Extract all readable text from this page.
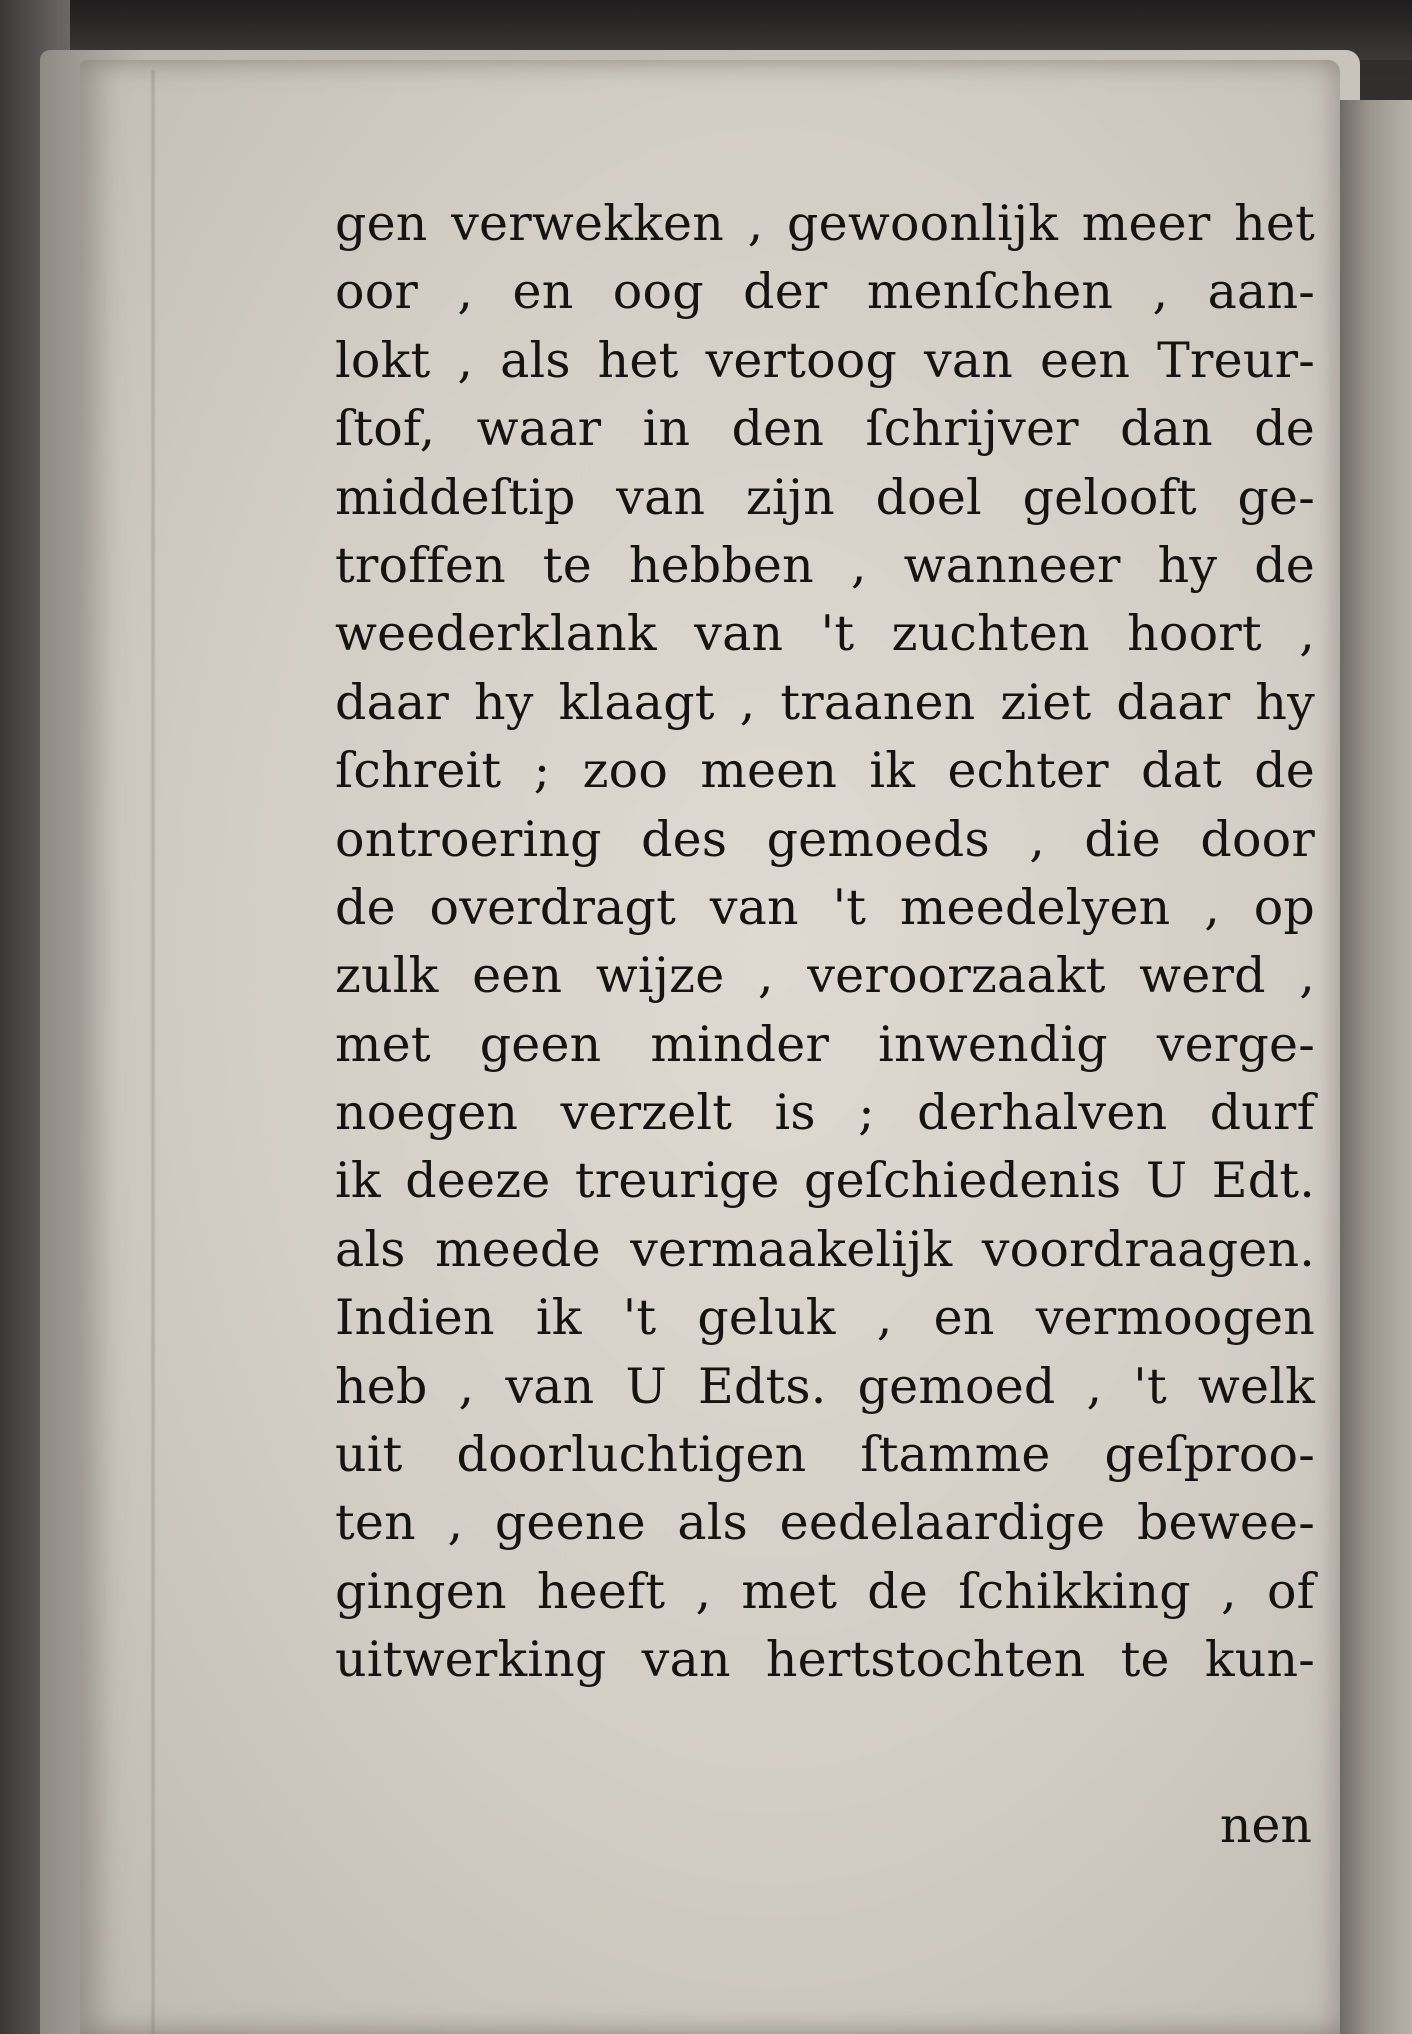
gen verwekken , gewoonlijk meer het
oor , en oog der menſchen , aan-
lokt , als het vertoog van een Treur-
ſtof, waar in den ſchrijver dan de
middeſtip van zijn doel gelooft ge-
troffen te hebben , wanneer hy de
weederklank van 't zuchten hoort ,
daar hy klaagt , traanen ziet daar hy
ſchreit ; zoo meen ik echter dat de
ontroering des gemoeds , die door
de overdragt van 't meedelyen , op
zulk een wijze , veroorzaakt werd ,
met geen minder inwendig verge-
noegen verzelt is ; derhalven durf
ik deeze treurige geſchiedenis U Edt.
als meede vermaakelijk voordraagen.
Indien ik 't geluk , en vermoogen
heb , van U Edts. gemoed , 't welk
uit doorluchtigen ſtamme geſproo-
ten , geene als eedelaardige bewee-
gingen heeft , met de ſchikking , of
uitwerking van hertstochten te kun-
nen
